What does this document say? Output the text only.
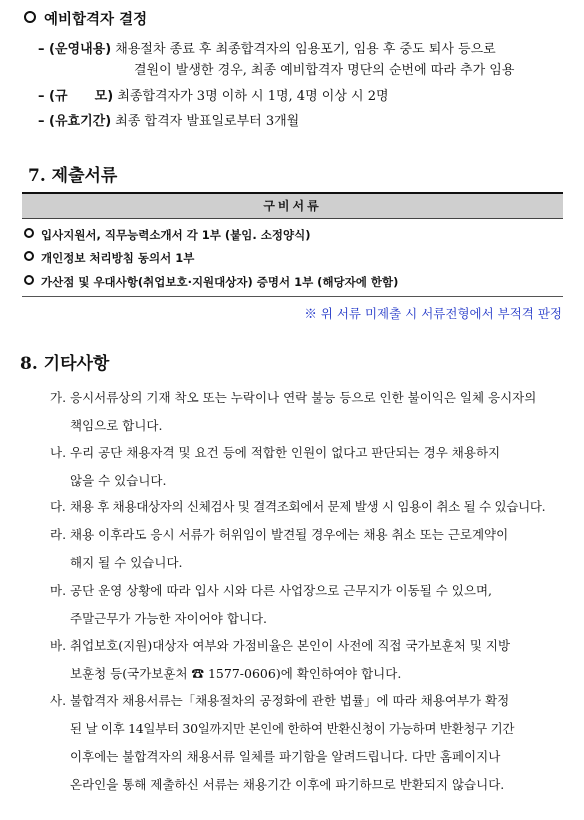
예비합격자 결정
– (운영내용) 채용절차 종료 후 최종합격자의 임용포기, 임용 후 중도 퇴사 등으로
결원이 발생한 경우, 최종 예비합격자 명단의 순번에 따라 추가 임용
– (규      모) 최종합격자가 3명 이하 시 1명, 4명 이상 시 2명
– (유효기간) 최종 합격자 발표일로부터 3개월
7. 제출서류
구비서류
입사지원서, 직무능력소개서 각 1부 (붙임. 소정양식)
개인정보 처리방침 동의서 1부
가산점 및 우대사항(취업보호·지원대상자) 증명서 1부 (해당자에 한함)
※ 위 서류 미제출 시 서류전형에서 부적격 판정
8. 기타사항
가. 응시서류상의 기재 착오 또는 누락이나 연락 불능 등으로 인한 불이익은 일체 응시자의
책임으로 합니다.
나. 우리 공단 채용자격 및 요건 등에 적합한 인원이 없다고 판단되는 경우 채용하지
않을 수 있습니다.
다. 채용 후 채용대상자의 신체검사 및 결격조회에서 문제 발생 시 임용이 취소 될 수 있습니다.
라. 채용 이후라도 응시 서류가 허위임이 발견될 경우에는 채용 취소 또는 근로계약이
해지 될 수 있습니다.
마. 공단 운영 상황에 따라 입사 시와 다른 사업장으로 근무지가 이동될 수 있으며,
주말근무가 가능한 자이어야 합니다.
바. 취업보호(지원)대상자 여부와 가점비율은 본인이 사전에 직접 국가보훈처 및 지방
보훈청 등(국가보훈처 ☎ 1577-0606)에 확인하여야 합니다.
사. 불합격자 채용서류는「채용절차의 공정화에 관한 법률」에 따라 채용여부가 확정
된 날 이후 14일부터 30일까지만 본인에 한하여 반환신청이 가능하며 반환청구 기간
이후에는 불합격자의 채용서류 일체를 파기함을 알려드립니다. 다만 홈페이지나
온라인을 통해 제출하신 서류는 채용기간 이후에 파기하므로 반환되지 않습니다.
